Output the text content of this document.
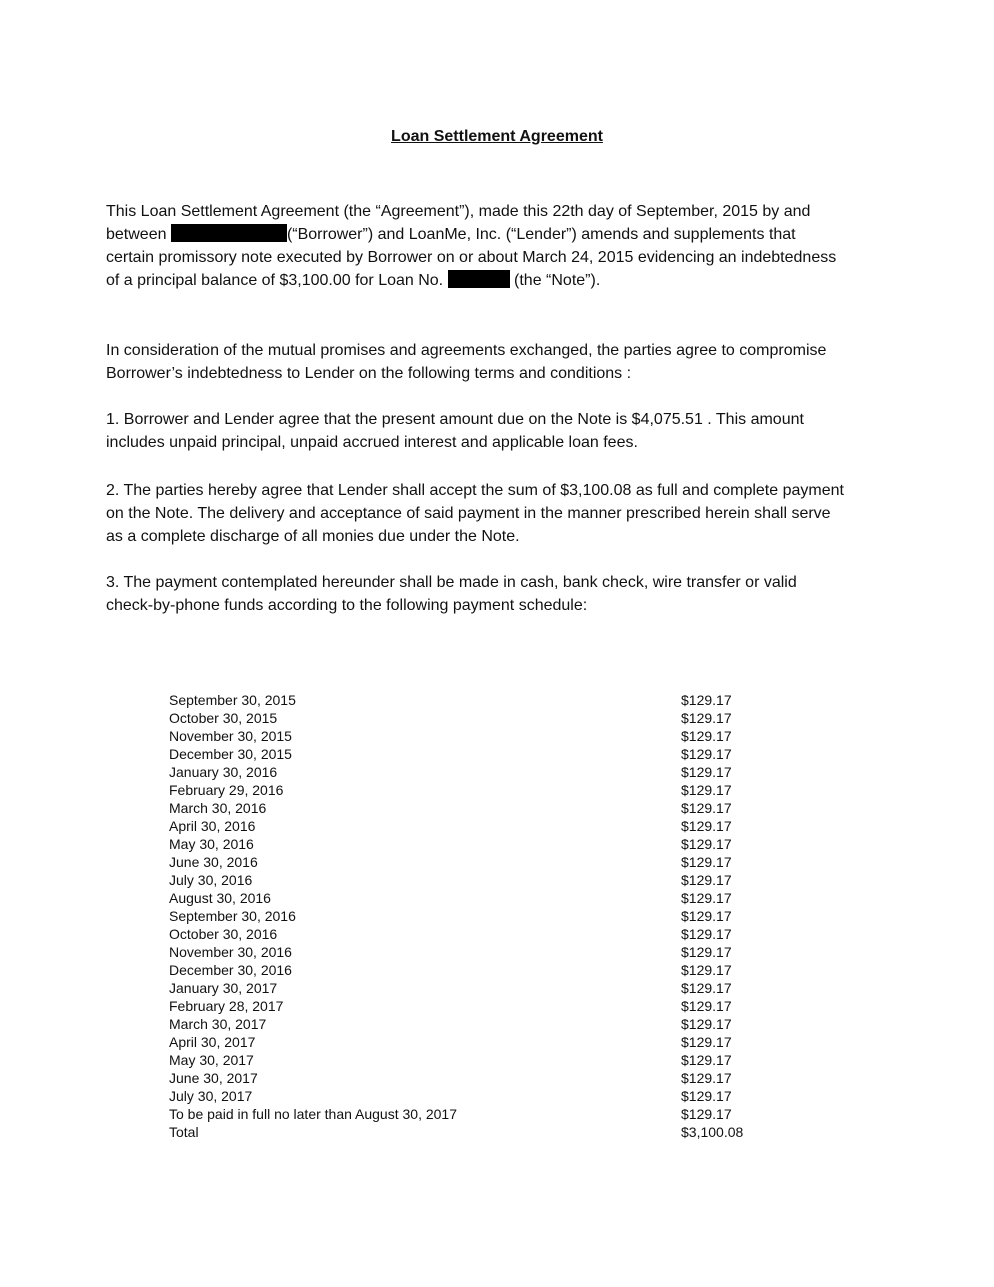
Loan Settlement Agreement

This Loan Settlement Agreement (the “Agreement”), made this 22th day of September, 2015 by and between	(“Borrower”) and LoanMe, Inc. (“Lender”) amends and supplements that certain promissory note executed by Borrower on or about March 24, 2015 evidencing an indebtedness of a principal balance of $3,100.00 for Loan No.	(the “Note”).

In consideration of the mutual promises and agreements exchanged, the parties agree to compromise Borrower’s indebtedness to Lender on the following terms and conditions :

1. Borrower and Lender agree that the present amount due on the Note is $4,075.51 . This amount includes unpaid principal, unpaid accrued interest and applicable loan fees.

2. The parties hereby agree that Lender shall accept the sum of $3,100.08 as full and complete payment on the Note. The delivery and acceptance of said payment in the manner prescribed herein shall serve as a complete discharge of all monies due under the Note.

3. The payment contemplated hereunder shall be made in cash, bank check, wire transfer or valid check-by-phone funds according to the following payment schedule:

September 30, 2015	$129.17
October 30, 2015	$129.17
November 30, 2015	$129.17
December 30, 2015	$129.17
January 30, 2016	$129.17
February 29, 2016	$129.17
March 30, 2016	$129.17
April 30, 2016	$129.17
May 30, 2016	$129.17
June 30, 2016	$129.17
July 30, 2016	$129.17
August 30, 2016	$129.17
September 30, 2016	$129.17
October 30, 2016	$129.17
November 30, 2016	$129.17
December 30, 2016	$129.17
January 30, 2017	$129.17
February 28, 2017	$129.17
March 30, 2017	$129.17
April 30, 2017	$129.17
May 30, 2017	$129.17
June 30, 2017	$129.17
July 30, 2017	$129.17
To be paid in full no later than August 30, 2017	$129.17
Total	$3,100.08
